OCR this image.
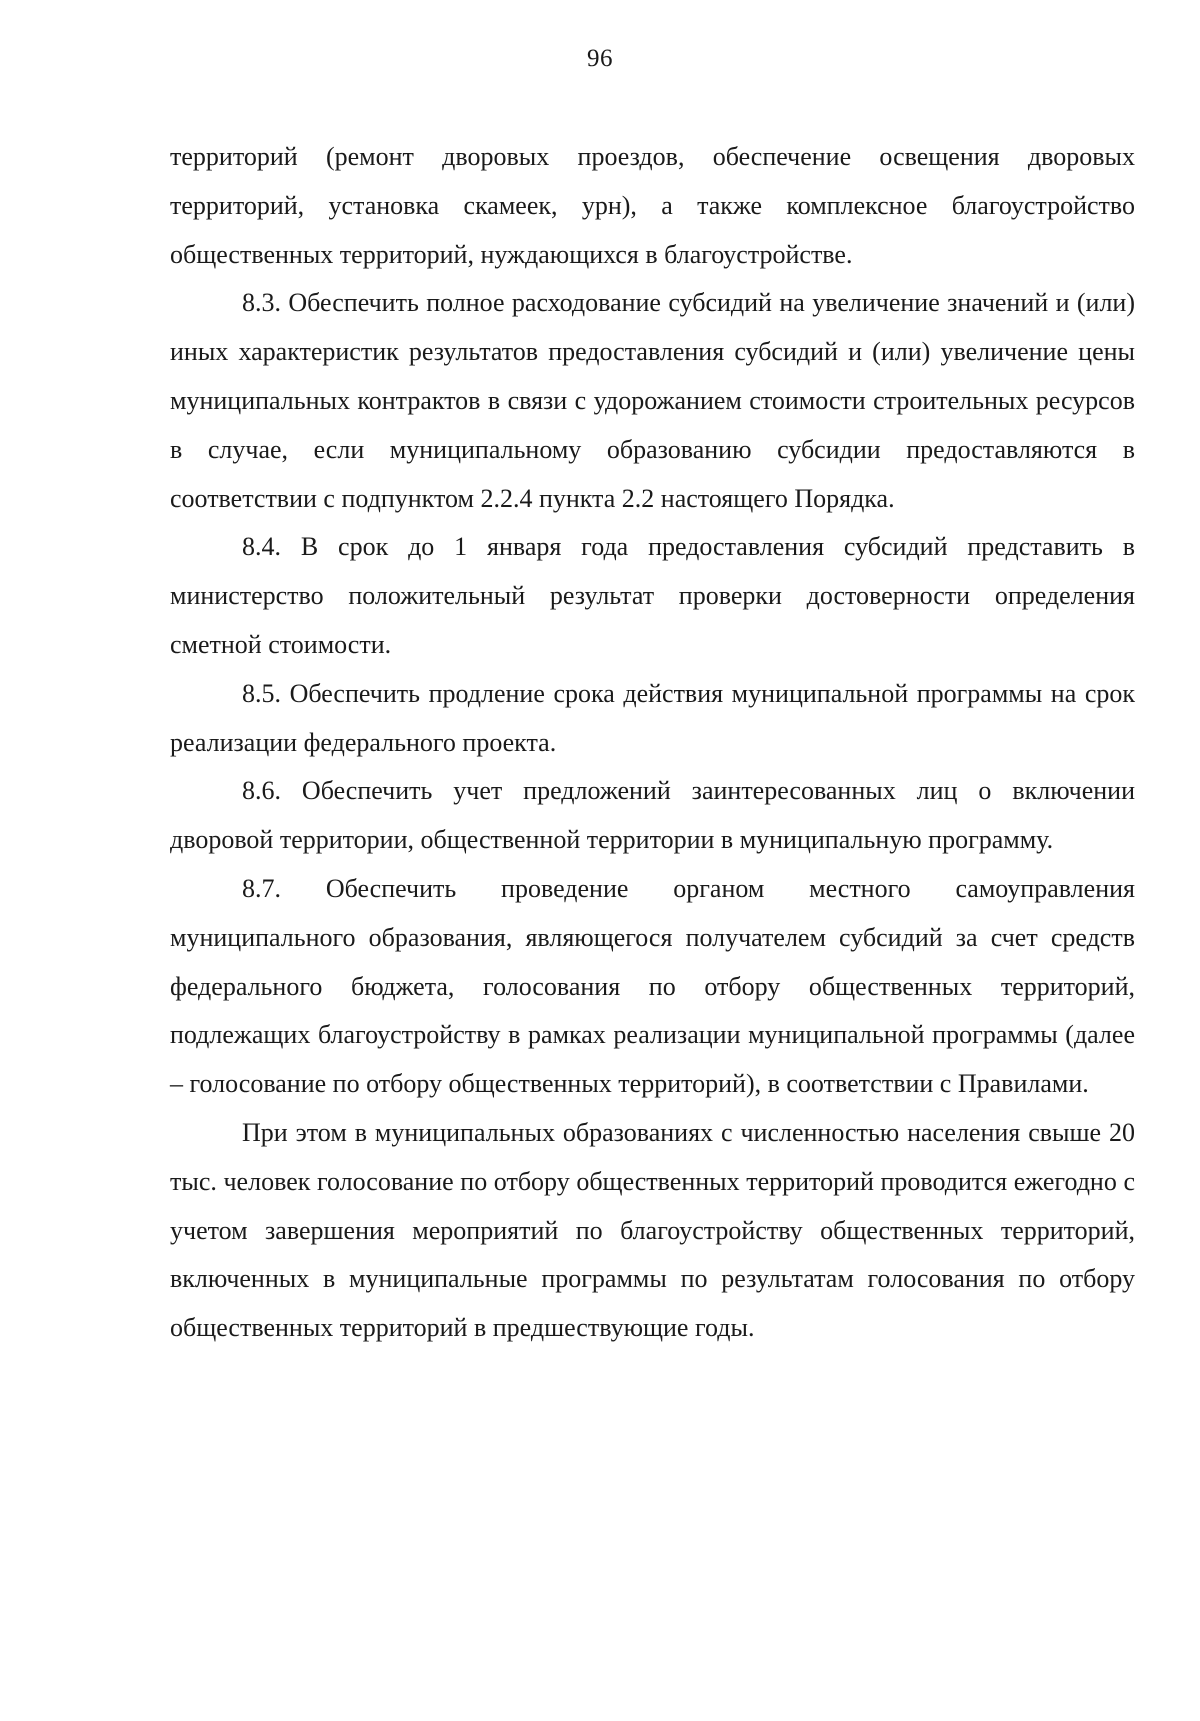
96

территорий (ремонт дворовых проездов, обеспечение освещения дворовых территорий, установка скамеек, урн), а также комплексное благоустройство общественных территорий, нуждающихся в благоустройстве.

8.3. Обеспечить полное расходование субсидий на увеличение значений и (или) иных характеристик результатов предоставления субсидий и (или) увеличение цены муниципальных контрактов в связи с удорожанием стоимости строительных ресурсов в случае, если муниципальному образованию субсидии предоставляются в соответствии с подпунктом 2.2.4 пункта 2.2 настоящего Порядка.

8.4. В срок до 1 января года предоставления субсидий представить в министерство положительный результат проверки достоверности определения сметной стоимости.

8.5. Обеспечить продление срока действия муниципальной программы на срок реализации федерального проекта.

8.6. Обеспечить учет предложений заинтересованных лиц о включении дворовой территории, общественной территории в муниципальную программу.

8.7. Обеспечить проведение органом местного самоуправления муниципального образования, являющегося получателем субсидий за счет средств федерального бюджета, голосования по отбору общественных территорий, подлежащих благоустройству в рамках реализации муниципальной программы (далее – голосование по отбору общественных территорий), в соответствии с Правилами.

При этом в муниципальных образованиях с численностью населения свыше 20 тыс. человек голосование по отбору общественных территорий проводится ежегодно с учетом завершения мероприятий по благоустройству общественных территорий, включенных в муниципальные программы по результатам голосования по отбору общественных территорий в предшествующие годы.
